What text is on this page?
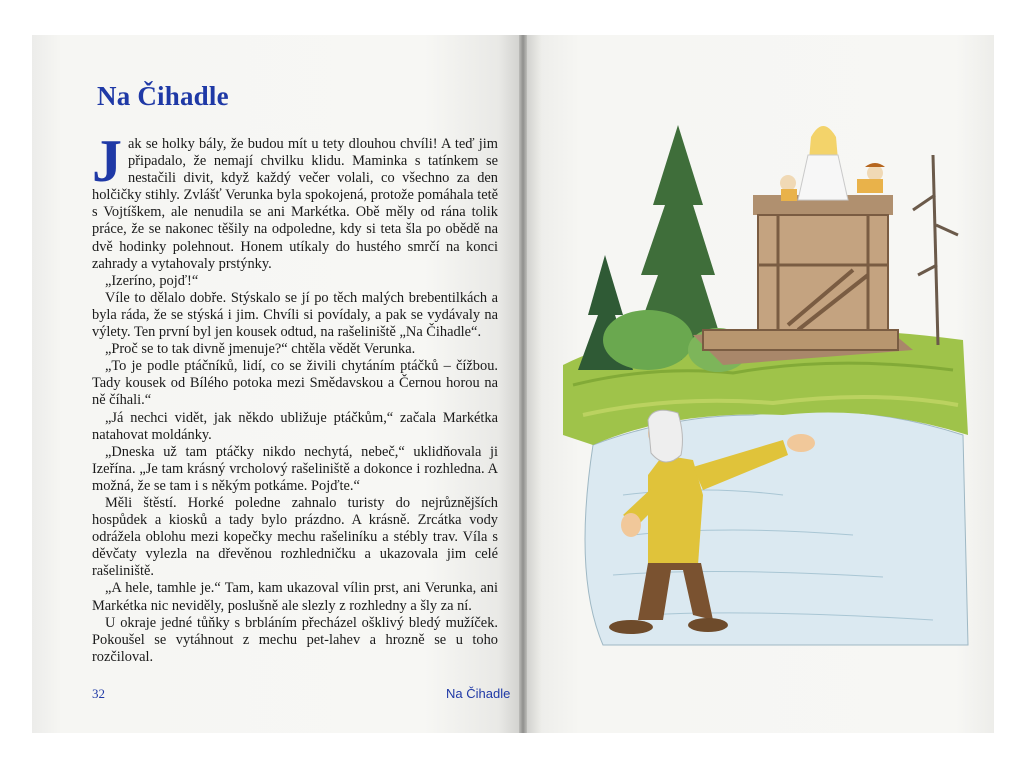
Na Čihadle

Jak se holky bály, že budou mít u tety dlouhou chvíli! A teď jim připadalo, že nemají chvilku klidu. Maminka s tatínkem se nestačili divit, když každý večer volali, co všechno za den holčičky stihly. Zvlášť Verunka byla spokojená, protože pomáhala tetě s Vojtíškem, ale nenudila se ani Markétka. Obě měly od rána tolik práce, že se nakonec těšily na odpoledne, kdy si teta šla po obědě na dvě hodinky polehnout. Honem utíkaly do hustého smrčí na konci zahrady a vytahovaly prstýnky.

„Izeríno, pojď!“

Víle to dělalo dobře. Stýskalo se jí po těch malých brebentilkách a byla ráda, že se stýská i jim. Chvíli si povídaly, a pak se vydávaly na výlety. Ten první byl jen kousek odtud, na rašeliniště „Na Čihadle“.

„Proč se to tak divně jmenuje?“ chtěla vědět Verunka.

„To je podle ptáčníků, lidí, co se živili chytáním ptáčků – čížbou. Tady kousek od Bílého potoka mezi Smědavskou a Černou horou na ně číhali.“

„Já nechci vidět, jak někdo ubližuje ptáčkům,“ začala Markétka natahovat moldánky.

„Dneska už tam ptáčky nikdo nechytá, nebeč,“ uklidňovala ji Izeřína. „Je tam krásný vrcholový rašeliniště a dokonce i rozhledna. A možná, že se tam i s někým potkáme. Pojďte.“

Měli štěstí. Horké poledne zahnalo turisty do nejrůznějších hospůdek a kiosků a tady bylo prázdno. A krásně. Zrcátka vody odrážela oblohu mezi kopečky mechu rašeliníku a stébly trav. Víla s děvčaty vylezla na dřevěnou rozhledničku a ukazovala jim celé rašeliniště.

„A hele, tamhle je.“ Tam, kam ukazoval vílin prst, ani Verunka, ani Markétka nic neviděly, poslušně ale slezly z rozhledny a šly za ní.

U okraje jedné tůňky s brbláním přecházel ošklivý bledý mužíček. Pokoušel se vytáhnout z mechu pet-lahev a hrozně se u toho rozčiloval.

32	Na Čihadle
